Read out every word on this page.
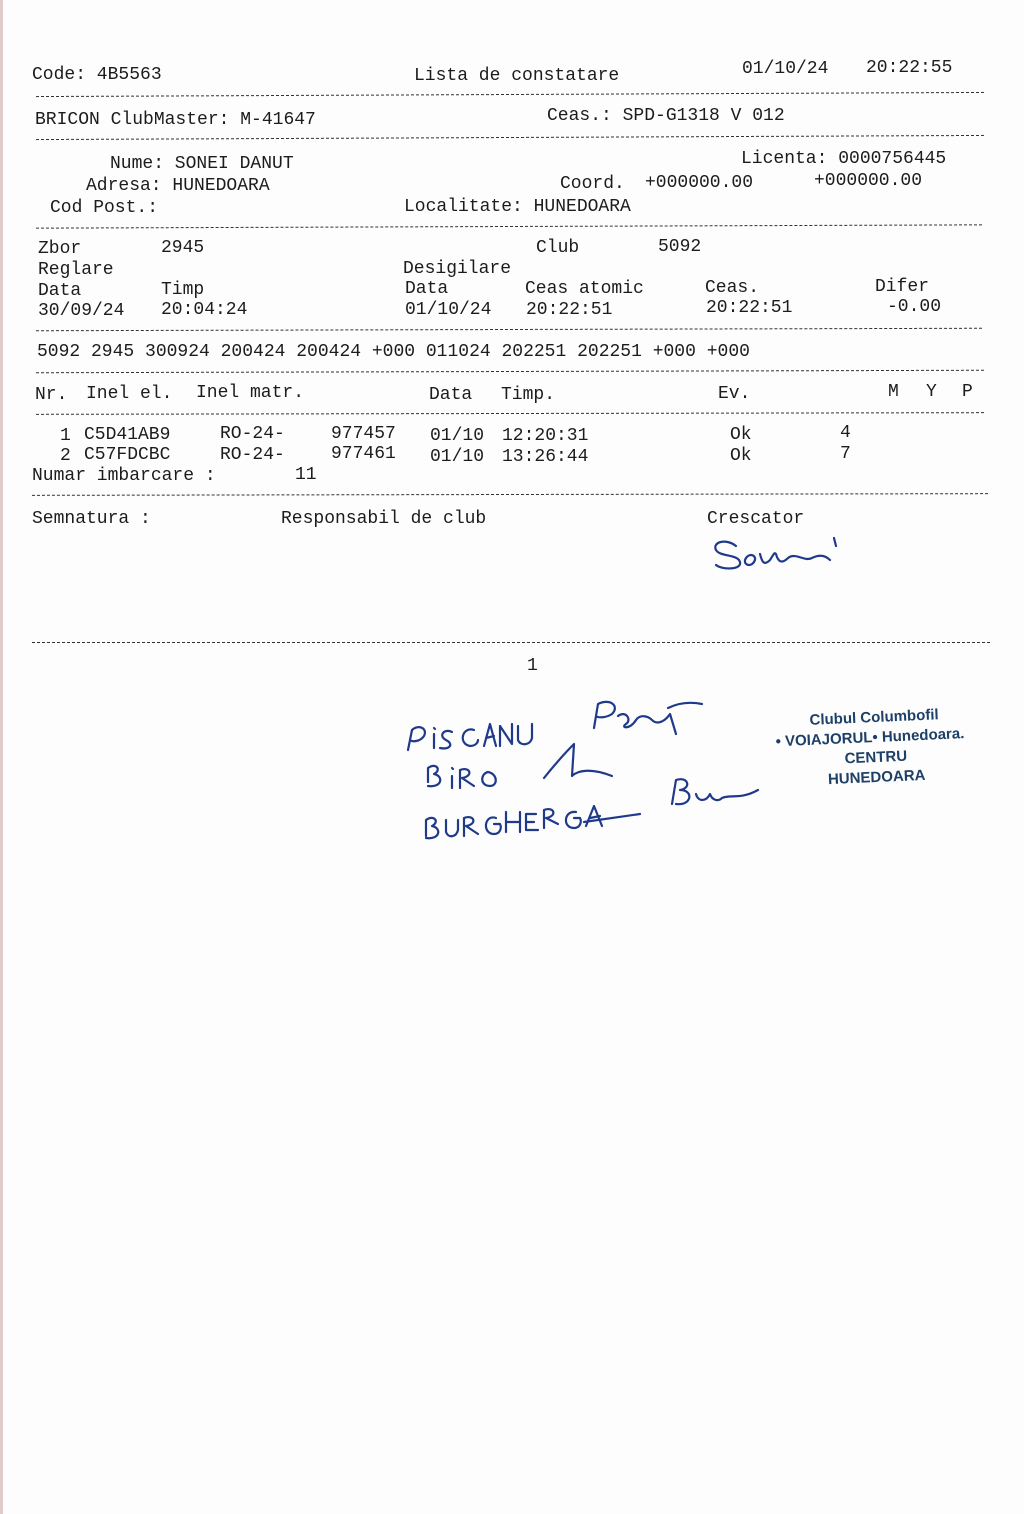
Code: 4B5563	Lista de constatare	01/10/24 20:22:55
BRICON ClubMaster: M-41647	Ceas.: SPD-G1318 V 012
Nume: SONEI DANUT	Licenta: 0000756445
Adresa: HUNEDOARA	Coord. +000000.00	+000000.00
Cod Post.:	Localitate: HUNEDOARA
Zbor	2945	Club	5092
Reglare	Desigilare
Data	Timp	Data	Ceas atomic	Ceas.	Difer
30/09/24 20:04:24	01/10/24 20:22:51	20:22:51	-0.00
5092 2945 300924 200424 200424 +000 011024 202251 202251 +000 +000
Nr. Inel el. Inel matr.	Data Timp.	Ev.	M Y P
1 C5D41AB9	RO-24-	977457 01/10 12:20:31	Ok	4
2 C57FDCBC	RO-24-	977461 01/10 13:26:44	Ok	7
Numar imbarcare :	11
Semnatura :	Responsabil de club	Crescator
1
Clubul Columbofil
• VOIAJORUL• Hunedoara.
CENTRU
HUNEDOARA
